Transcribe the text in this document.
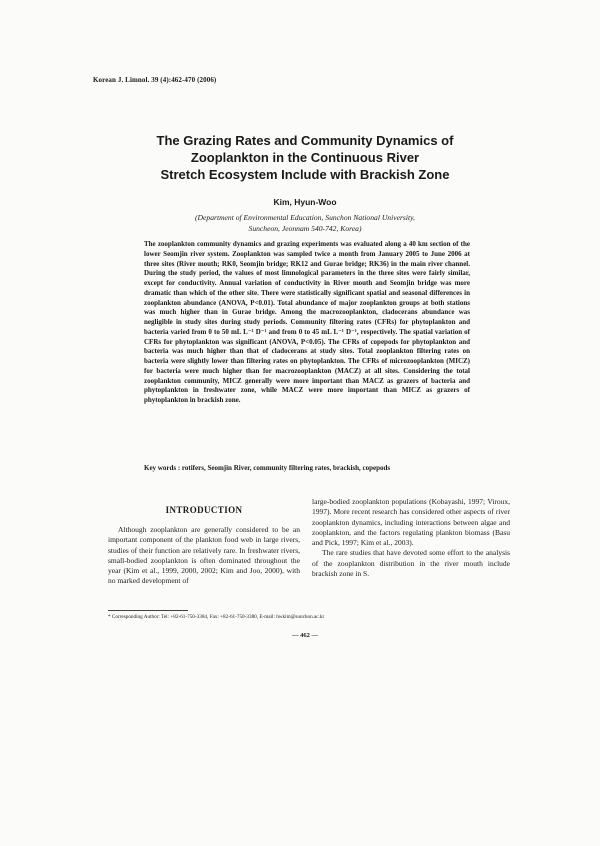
Korean J. Limnol. 39 (4):462-470 (2006)
The Grazing Rates and Community Dynamics of
Zooplankton in the Continuous River
Stretch Ecosystem Include with Brackish Zone
Kim, Hyun-Woo
(Department of Environmental Education, Sunchon National University,
Suncheon, Jeonnam 540-742, Korea)

The zooplankton community dynamics and grazing experiments was evaluated along a 40 km section of the lower Seomjin river system. Zooplankton was sampled twice a month from January 2005 to June 2006 at three sites (River mouth; RK0, Seomjin bridge; RK12 and Gurae bridge; RK36) in the main river channel. During the study period, the values of most limnological parameters in the three sites were fairly similar, except for conductivity. Annual variation of conductivity in River mouth and Seomjin bridge was more dramatic than which of the other site. There were statistically significant spatial and seasonal differences in zooplankton abundance (ANOVA, P<0.01). Total abundance of major zooplankton groups at both stations was much higher than in Gurae bridge. Among the macrozooplankton, cladocerans abundance was negligible in study sites during study periods. Community filtering rates (CFRs) for phytoplankton and bacteria varied from 0 to 50 mL L⁻¹ D⁻¹ and from 0 to 45 mL L⁻¹ D⁻¹, respectively. The spatial variation of CFRs for phytoplankton was significant (ANOVA, P<0.05). The CFRs of copepods for phytoplankton and bacteria was much higher than that of cladocerans at study sites. Total zooplankton filtering rates on bacteria were slightly lower than filtering rates on phytoplankton. The CFRs of microzooplankton (MICZ) for bacteria were much higher than for macrozooplankton (MACZ) at all sites. Considering the total zooplankton community, MICZ generally were more important than MACZ as grazers of bacteria and phytoplankton in freshwater zone, while MACZ were more important than MICZ as grazers of phytoplankton in brackish zone.

Key words : rotifers, Seomjin River, community filtering rates, brackish, copepods
INTRODUCTION

Although zooplankton are generally considered to be an important component of the plankton food web in large rivers, studies of their function are relatively rare. In freshwater rivers, small-bodied zooplankton is often dominated throughout the year (Kim et al., 1999, 2000, 2002; Kim and Joo, 2000), with no marked development of

large-bodied zooplankton populations (Kobayashi, 1997; Viroux, 1997). More recent research has considered other aspects of river zooplankton dynamics, including interactions between algae and zooplankton, and the factors regulating plankton biomass (Basu and Pick, 1997; Kim et al., 2003).

The rare studies that have devoted some effort to the analysis of the zooplankton distribution in the river mouth include brackish zone in S.

* Corresponding Author: Tel: +82-61-750-3384, Fax: +82-61-750-3380, E-mail: hwkim@sunchon.ac.kr
— 462 —
